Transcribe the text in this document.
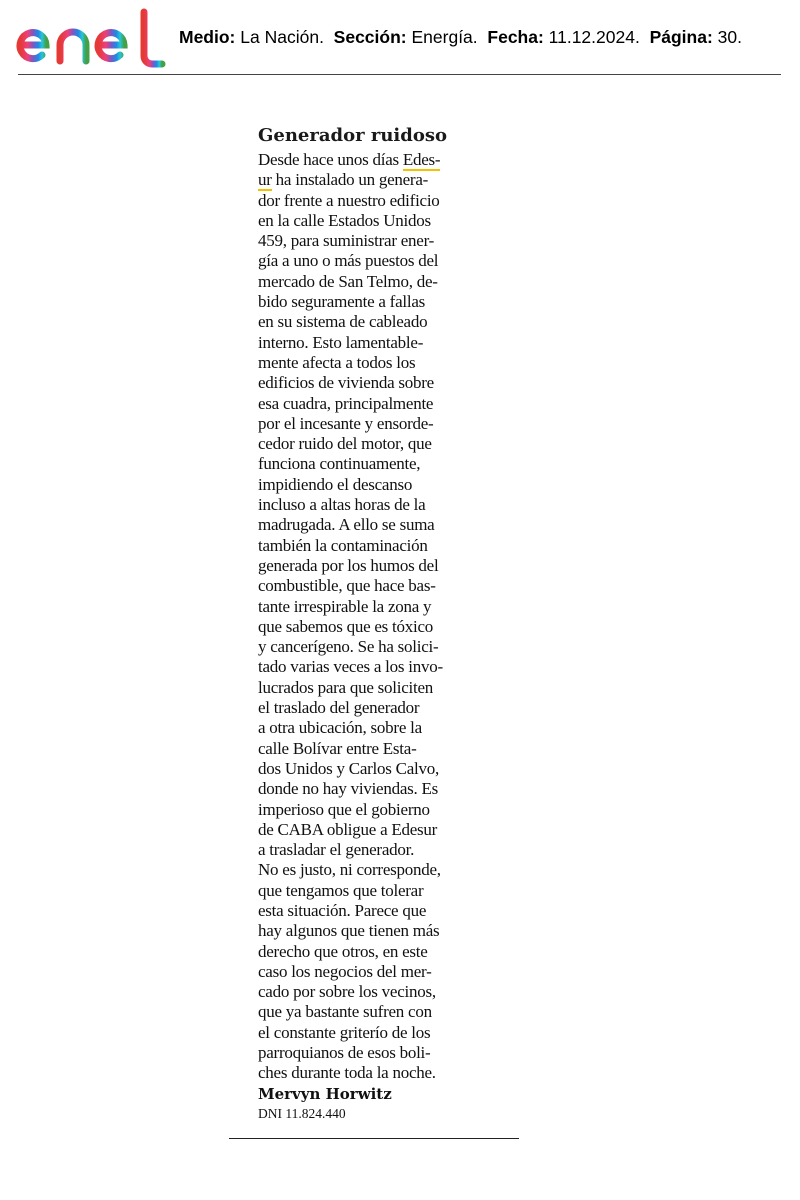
Medio: La Nación. Sección: Energía. Fecha: 11.12.2024. Página: 30.
Generador ruidoso
Desde hace unos días Edes-
ur ha instalado un genera-
dor frente a nuestro edificio
en la calle Estados Unidos
459, para suministrar ener-
gía a uno o más puestos del
mercado de San Telmo, de-
bido seguramente a fallas
en su sistema de cableado
interno. Esto lamentable-
mente afecta a todos los
edificios de vivienda sobre
esa cuadra, principalmente
por el incesante y ensorde-
cedor ruido del motor, que
funciona continuamente,
impidiendo el descanso
incluso a altas horas de la
madrugada. A ello se suma
también la contaminación
generada por los humos del
combustible, que hace bas-
tante irrespirable la zona y
que sabemos que es tóxico
y cancerígeno. Se ha solici-
tado varias veces a los invo-
lucrados para que soliciten
el traslado del generador
a otra ubicación, sobre la
calle Bolívar entre Esta-
dos Unidos y Carlos Calvo,
donde no hay viviendas. Es
imperioso que el gobierno
de CABA obligue a Edesur
a trasladar el generador.
No es justo, ni corresponde,
que tengamos que tolerar
esta situación. Parece que
hay algunos que tienen más
derecho que otros, en este
caso los negocios del mer-
cado por sobre los vecinos,
que ya bastante sufren con
el constante griterío de los
parroquianos de esos boli-
ches durante toda la noche.
Mervyn Horwitz
DNI 11.824.440
